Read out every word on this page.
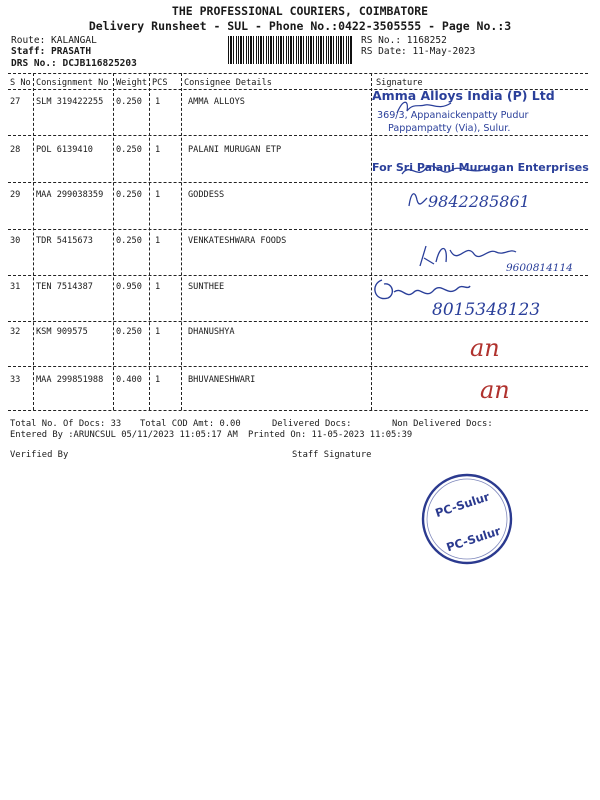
THE PROFESSIONAL COURIERS, COIMBATORE
Delivery Runsheet - SUL - Phone No.:0422-3505555 - Page No.:3
Route: KALANGAL
Staff: PRASATH
DRS No.: DCJB116825203
RS No.: 1168252
RS Date: 11-May-2023
S No Consignment No Weight PCS Consignee Details	Signature
27 SLM 319422255 0.250 1	AMMA ALLOYS
28 POL 6139410	0.250 1	PALANI MURUGAN ETP
29 MAA 299038359 0.250 1	GODDESS
30 TDR 5415673	0.250 1	VENKATESHWARA FOODS
31 TEN 7514387	0.950 1	SUNTHEE
32 KSM 909575	0.250 1	DHANUSHYA
33 MAA 299851988 0.400 1	BHUVANESHWARI
Amma Alloys India (P) Ltd
369/3, Appanaickenpatty Pudur
Pappampatty (Via), Sulur.
For Sri Palani Murugan Enterprises
9842285861
9600814114
8015348123
an
an
Total No. Of Docs: 33 Total COD Amt: 0.00	Delivered Docs:	Non Delivered Docs:
Entered By :ARUNCSUL 05/11/2023 11:05:17 AM Printed On: 11-05-2023 11:05:39
Verified By	Staff Signature
PC-Sulur
PC-Sulur
